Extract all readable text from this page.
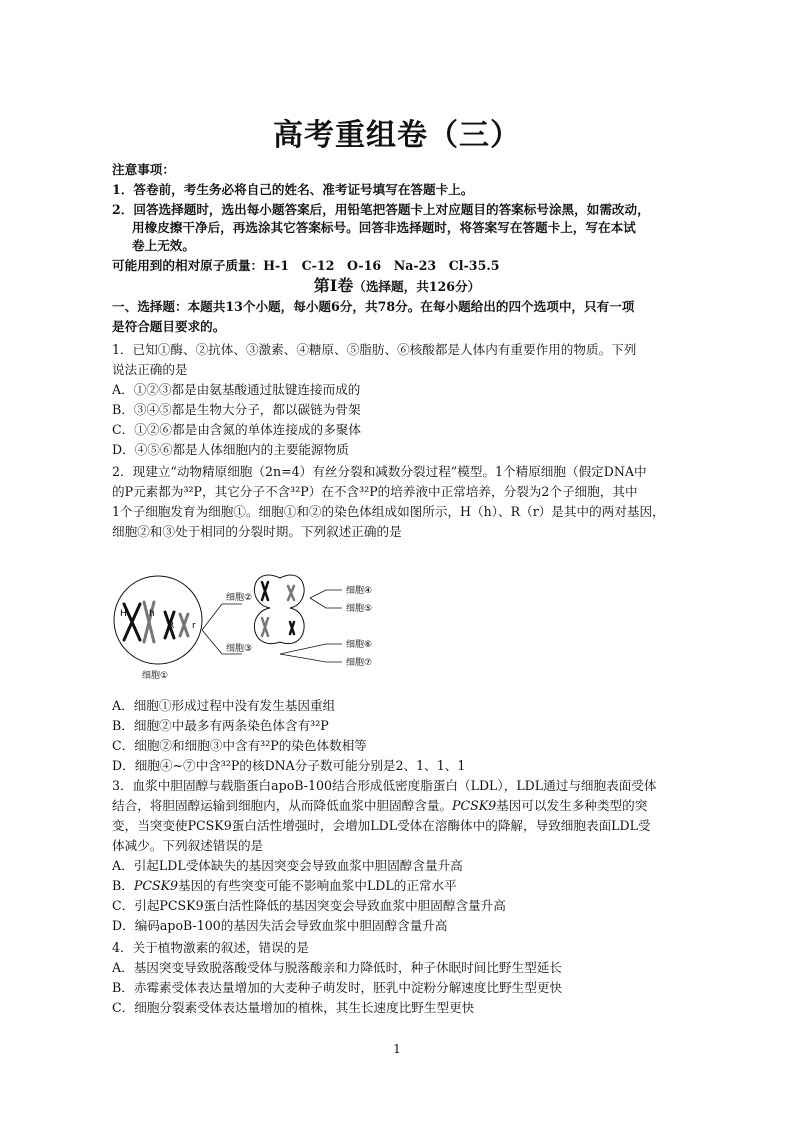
高考重组卷（三）
注意事项：
1．答卷前，考生务必将自己的姓名、准考证号填写在答题卡上。
2．回答选择题时，选出每小题答案后，用铅笔把答题卡上对应题目的答案标号涂黑，如需改动，
用橡皮擦干净后，再选涂其它答案标号。回答非选择题时，将答案写在答题卡上，写在本试
卷上无效。
可能用到的相对原子质量：H-1　C-12　O-16　Na-23　Cl-35.5
第Ⅰ卷（选择题，共126分）
一、选择题：本题共13个小题，每小题6分，共78分。在每小题给出的四个选项中，只有一项
是符合题目要求的。
1．已知①酶、②抗体、③激素、④糖原、⑤脂肪、⑥核酸都是人体内有重要作用的物质。下列
说法正确的是
A．①②③都是由氨基酸通过肽键连接而成的
B．③④⑤都是生物大分子，都以碳链为骨架
C．①②⑥都是由含氮的单体连接成的多聚体
D．④⑤⑥都是人体细胞内的主要能源物质
2．现建立“动物精原细胞（2n=4）有丝分裂和减数分裂过程”模型。1个精原细胞（假定DNA中
的P元素都为³²P，其它分子不含³²P）在不含³²P的培养液中正常培养，分裂为2个子细胞，其中
1个子细胞发育为细胞①。细胞①和②的染色体组成如图所示，H（h）、R（r）是其中的两对基因，
细胞②和③处于相同的分裂时期。下列叙述正确的是
H h
R r
细胞①
细胞②
细胞③
细胞④
细胞⑤
细胞⑥
细胞⑦
A．细胞①形成过程中没有发生基因重组
B．细胞②中最多有两条染色体含有³²P
C．细胞②和细胞③中含有³²P的染色体数相等
D．细胞④~⑦中含³²P的核DNA分子数可能分别是2、1、1、1
3．血浆中胆固醇与载脂蛋白apoB-100结合形成低密度脂蛋白（LDL），LDL通过与细胞表面受体
结合，将胆固醇运输到细胞内，从而降低血浆中胆固醇含量。PCSK9基因可以发生多种类型的突
变，当突变使PCSK9蛋白活性增强时，会增加LDL受体在溶酶体中的降解，导致细胞表面LDL受
体减少。下列叙述错误的是
A．引起LDL受体缺失的基因突变会导致血浆中胆固醇含量升高
B．PCSK9基因的有些突变可能不影响血浆中LDL的正常水平
C．引起PCSK9蛋白活性降低的基因突变会导致血浆中胆固醇含量升高
D．编码apoB-100的基因失活会导致血浆中胆固醇含量升高
4．关于植物激素的叙述，错误的是
A．基因突变导致脱落酸受体与脱落酸亲和力降低时，种子休眠时间比野生型延长
B．赤霉素受体表达量增加的大麦种子萌发时，胚乳中淀粉分解速度比野生型更快
C．细胞分裂素受体表达量增加的植株，其生长速度比野生型更快
1
